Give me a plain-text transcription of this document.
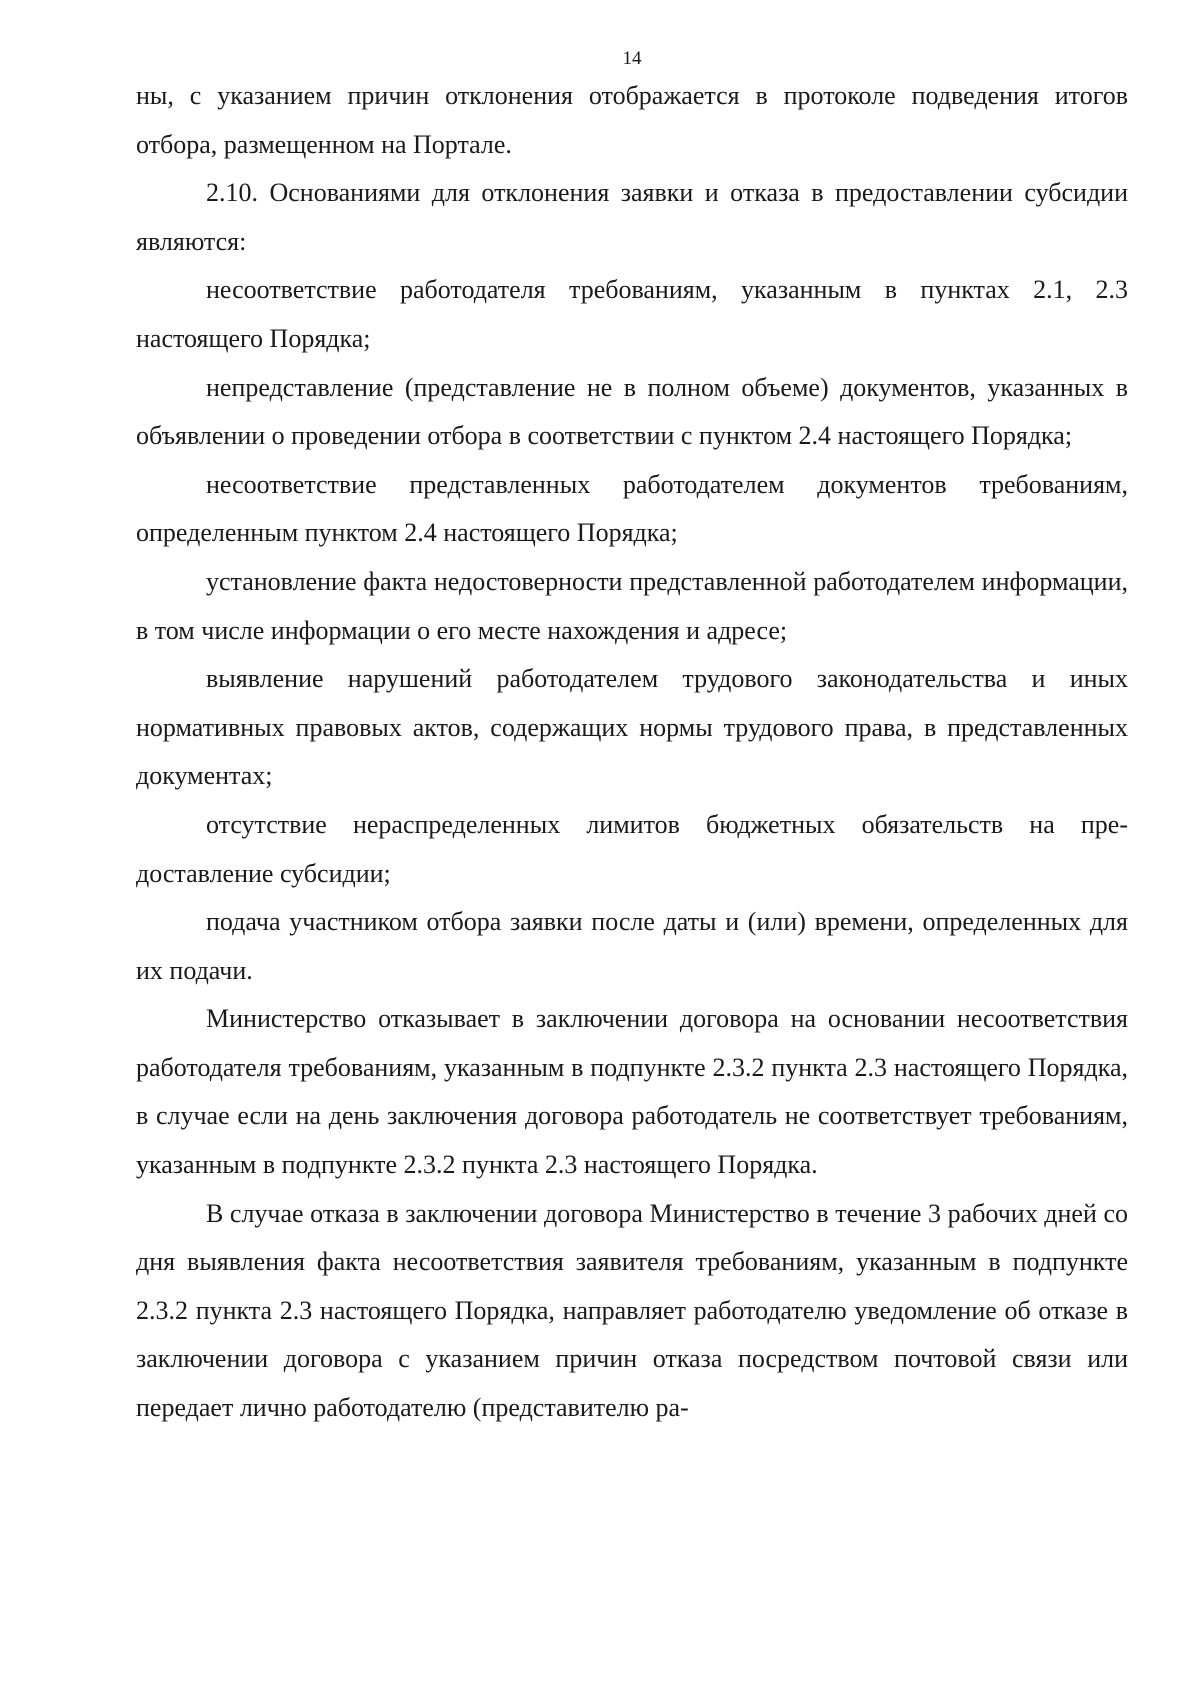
14

ны, с указанием причин отклонения отображается в протоколе подведения итогов отбора, размещенном на Портале.

2.10. Основаниями для отклонения заявки и отказа в предоставлении субсидии являются:

несоответствие работодателя требованиям, указанным в пунктах 2.1, 2.3 настоящего Порядка;

непредставление (представление не в полном объеме) документов, указанных в объявлении о проведении отбора в соответствии с пунктом 2.4 настоящего Порядка;

несоответствие представленных работодателем документов требованиям, определенным пунктом 2.4 настоящего Порядка;

установление факта недостоверности представленной работодателем информации, в том числе информации о его месте нахождения и адресе;

выявление нарушений работодателем трудового законодательства и иных нормативных правовых актов, содержащих нормы трудового права, в представленных документах;

отсутствие нераспределенных лимитов бюджетных обязательств на предоставление субсидии;

подача участником отбора заявки после даты и (или) времени, определенных для их подачи.

Министерство отказывает в заключении договора на основании несоответствия работодателя требованиям, указанным в подпункте 2.3.2 пункта 2.3 настоящего Порядка, в случае если на день заключения договора работодатель не соответствует требованиям, указанным в подпункте 2.3.2 пункта 2.3 настоящего Порядка.

В случае отказа в заключении договора Министерство в течение 3 рабочих дней со дня выявления факта несоответствия заявителя требованиям, указанным в подпункте 2.3.2 пункта 2.3 настоящего Порядка, направляет работодателю уведомление об отказе в заключении договора с указанием причин отказа посредством почтовой связи или передает лично работодателю (представителю ра-
